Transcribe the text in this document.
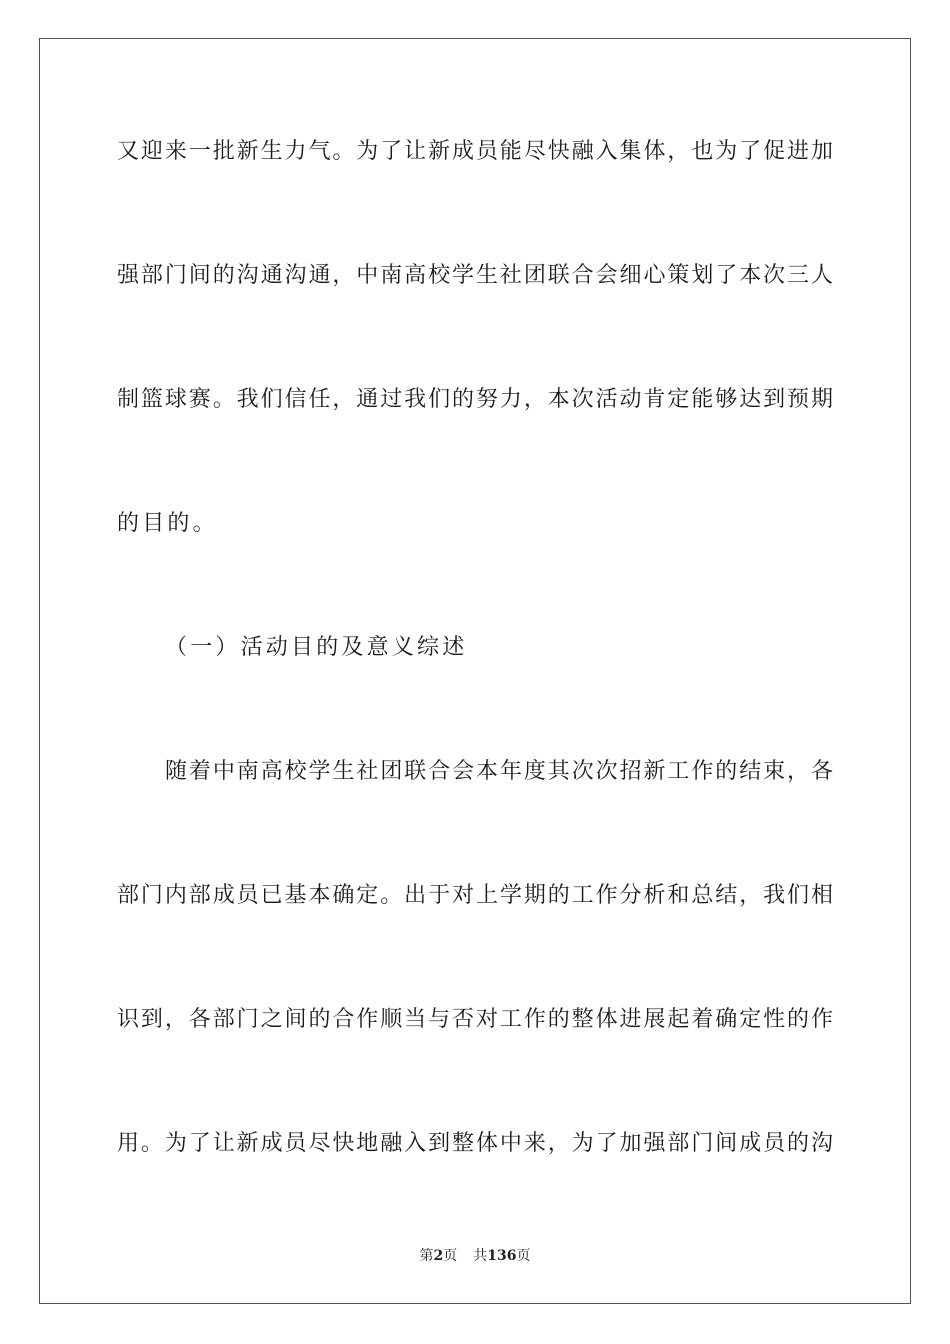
又迎来一批新生力气。为了让新成员能尽快融入集体，也为了促进加
强部门间的沟通沟通，中南高校学生社团联合会细心策划了本次三人
制篮球赛。我们信任，通过我们的努力，本次活动肯定能够达到预期
的目的。
（一）活动目的及意义综述
随着中南高校学生社团联合会本年度其次次招新工作的结束，各
部门内部成员已基本确定。出于对上学期的工作分析和总结，我们相
识到，各部门之间的合作顺当与否对工作的整体进展起着确定性的作
用。为了让新成员尽快地融入到整体中来，为了加强部门间成员的沟
第2页 共136页
